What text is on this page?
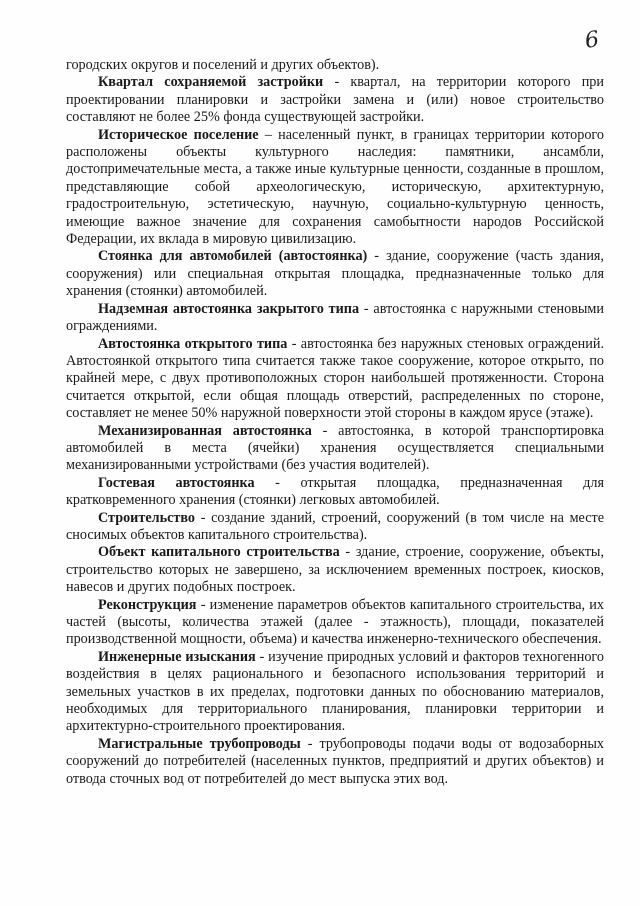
6

городских округов и поселений и других объектов).

Квартал сохраняемой застройки - квартал, на территории которого при проектировании планировки и застройки замена и (или) новое строительство составляют не более 25% фонда существующей застройки.

Историческое поселение – населенный пункт, в границах территории которого расположены объекты культурного наследия: памятники, ансамбли, достопримечательные места, а также иные культурные ценности, созданные в прошлом, представляющие собой археологическую, историческую, архитектурную, градостроительную, эстетическую, научную, социально-культурную ценность, имеющие важное значение для сохранения самобытности народов Российской Федерации, их вклада в мировую цивилизацию.

Стоянка для автомобилей (автостоянка) - здание, сооружение (часть здания, сооружения) или специальная открытая площадка, предназначенные только для хранения (стоянки) автомобилей.

Надземная автостоянка закрытого типа - автостоянка с наружными стеновыми ограждениями.

Автостоянка открытого типа - автостоянка без наружных стеновых ограждений. Автостоянкой открытого типа считается также такое сооружение, которое открыто, по крайней мере, с двух противоположных сторон наибольшей протяженности. Сторона считается открытой, если общая площадь отверстий, распределенных по стороне, составляет не менее 50% наружной поверхности этой стороны в каждом ярусе (этаже).

Механизированная автостоянка - автостоянка, в которой транспортировка автомобилей в места (ячейки) хранения осуществляется специальными механизированными устройствами (без участия водителей).

Гостевая автостоянка - открытая площадка, предназначенная для кратковременного хранения (стоянки) легковых автомобилей.

Строительство - создание зданий, строений, сооружений (в том числе на месте сносимых объектов капитального строительства).

Объект капитального строительства - здание, строение, сооружение, объекты, строительство которых не завершено, за исключением временных построек, киосков, навесов и других подобных построек.

Реконструкция - изменение параметров объектов капитального строительства, их частей (высоты, количества этажей (далее - этажность), площади, показателей производственной мощности, объема) и качества инженерно-технического обеспечения.

Инженерные изыскания - изучение природных условий и факторов техногенного воздействия в целях рационального и безопасного использования территорий и земельных участков в их пределах, подготовки данных по обоснованию материалов, необходимых для территориального планирования, планировки территории и архитектурно-строительного проектирования.

Магистральные трубопроводы - трубопроводы подачи воды от водозаборных сооружений до потребителей (населенных пунктов, предприятий и других объектов) и отвода сточных вод от потребителей до мест выпуска этих вод.
